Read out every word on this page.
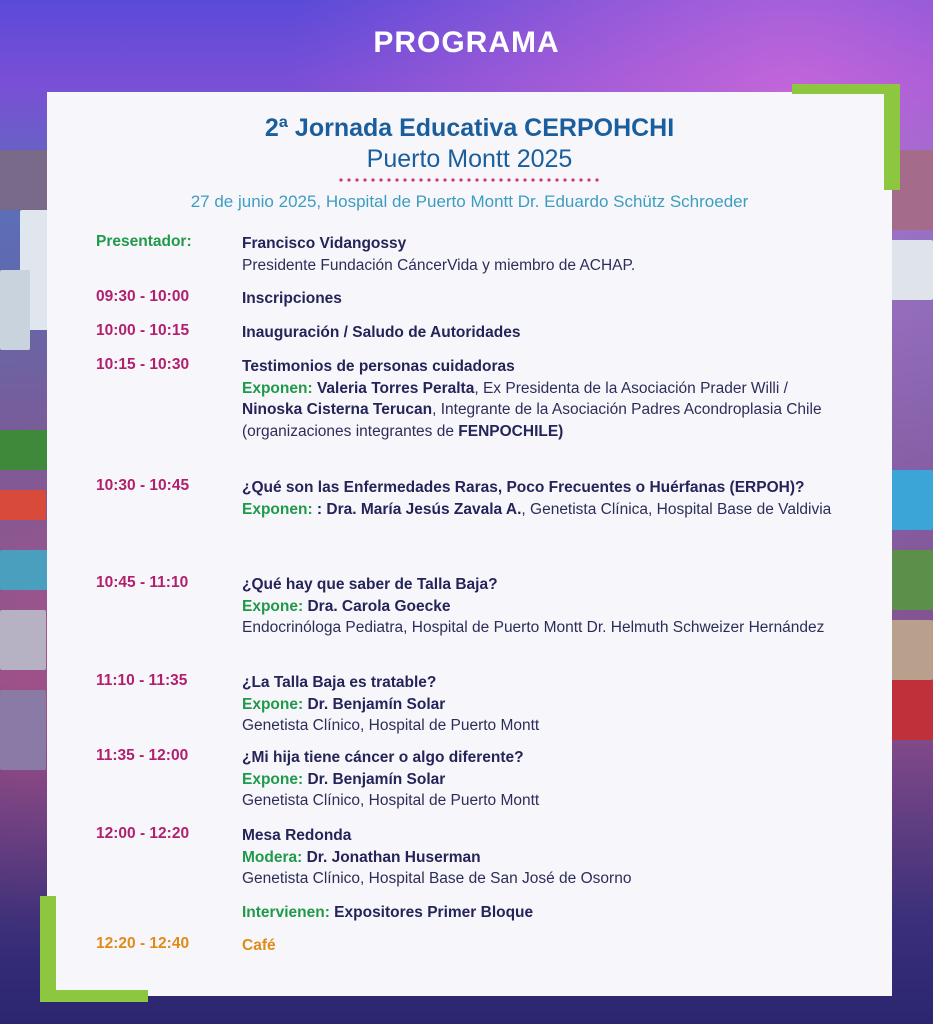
PROGRAMA
2ª Jornada Educativa CERPOHCHI
Puerto Montt 2025
27 de junio 2025, Hospital de Puerto Montt Dr. Eduardo Schütz Schroeder
Presentador:	Francisco Vidangossy
Presidente Fundación CáncerVida y miembro de ACHAP.
09:30 - 10:00	Inscripciones
10:00 - 10:15	Inauguración / Saludo de Autoridades
10:15 - 10:30	Testimonios de personas cuidadoras
Exponen: Valeria Torres Peralta, Ex Presidenta de la Asociación Prader Willi / Ninoska Cisterna Terucan, Integrante de la Asociación Padres Acondroplasia Chile (organizaciones integrantes de FENPOCHILE)
10:30 - 10:45	¿Qué son las Enfermedades Raras, Poco Frecuentes o Huérfanas (ERPOH)?
Exponen: : Dra. María Jesús Zavala A., Genetista Clínica, Hospital Base de Valdivia
10:45 - 11:10	¿Qué hay que saber de Talla Baja?
Expone: Dra. Carola Goecke
Endocrinóloga Pediatra, Hospital de Puerto Montt Dr. Helmuth Schweizer Hernández
11:10 - 11:35	¿La Talla Baja es tratable?
Expone: Dr. Benjamín Solar
Genetista Clínico, Hospital de Puerto Montt
11:35 - 12:00	¿Mi hija tiene cáncer o algo diferente?
Expone: Dr. Benjamín Solar
Genetista Clínico, Hospital de Puerto Montt
12:00 - 12:20	Mesa Redonda
Modera: Dr. Jonathan Huserman
Genetista Clínico, Hospital Base de San José de Osorno
Intervienen: Expositores Primer Bloque
12:20 - 12:40	Café
